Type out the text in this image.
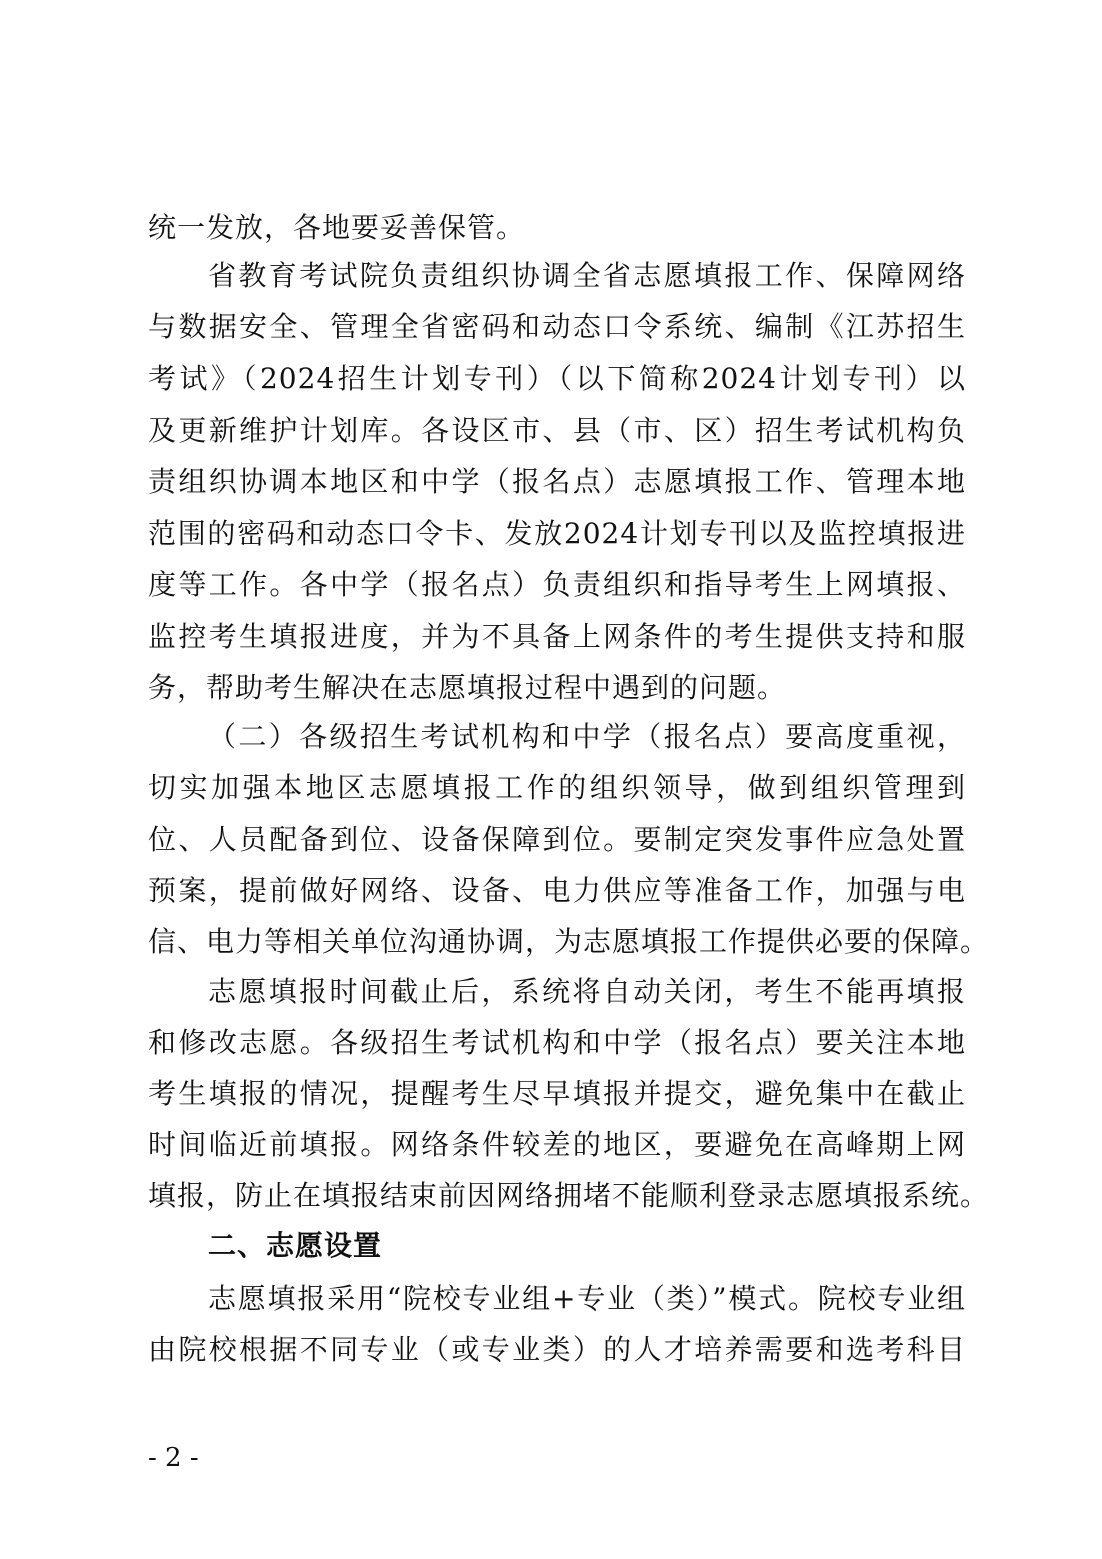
统一发放，各地要妥善保管。
省教育考试院负责组织协调全省志愿填报工作、保障网络
与数据安全、管理全省密码和动态口令系统、编制《江苏招生
考试》（2024招生计划专刊）（以下简称2024计划专刊）以
及更新维护计划库。各设区市、县（市、区）招生考试机构负
责组织协调本地区和中学（报名点）志愿填报工作、管理本地
范围的密码和动态口令卡、发放2024计划专刊以及监控填报进
度等工作。各中学（报名点）负责组织和指导考生上网填报、
监控考生填报进度，并为不具备上网条件的考生提供支持和服
务，帮助考生解决在志愿填报过程中遇到的问题。
（二）各级招生考试机构和中学（报名点）要高度重视，
切实加强本地区志愿填报工作的组织领导，做到组织管理到
位、人员配备到位、设备保障到位。要制定突发事件应急处置
预案，提前做好网络、设备、电力供应等准备工作，加强与电
信、电力等相关单位沟通协调，为志愿填报工作提供必要的保障。
志愿填报时间截止后，系统将自动关闭，考生不能再填报
和修改志愿。各级招生考试机构和中学（报名点）要关注本地
考生填报的情况，提醒考生尽早填报并提交，避免集中在截止
时间临近前填报。网络条件较差的地区，要避免在高峰期上网
填报，防止在填报结束前因网络拥堵不能顺利登录志愿填报系统。
二、志愿设置
志愿填报采用“院校专业组+专业（类）”模式。院校专业组
由院校根据不同专业（或专业类）的人才培养需要和选考科目
- 2 -
